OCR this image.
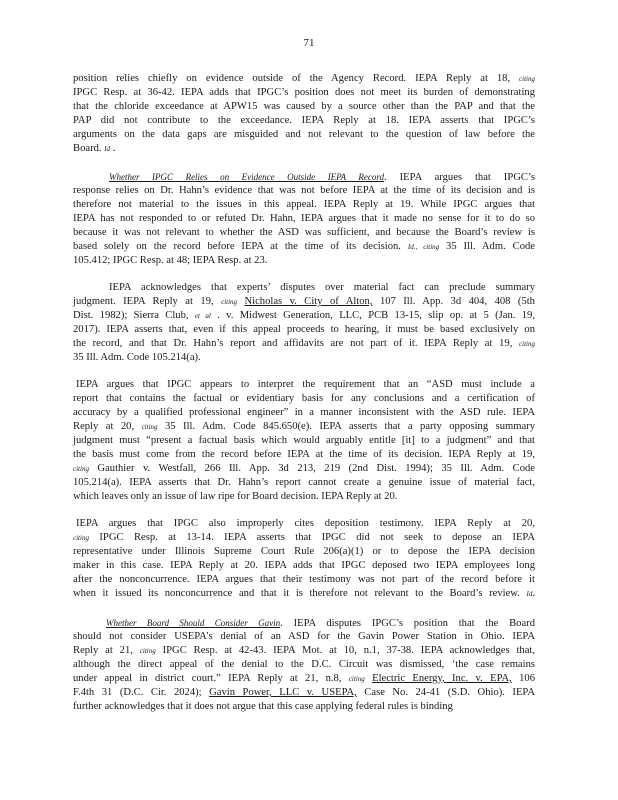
71
position relies chiefly on evidence outside of the Agency Record. IEPA Reply at 18, citing
IPGC Resp. at 36-42. IEPA adds that IPGC’s position does not meet its burden of demonstrating
that the chloride exceedance at APW15 was caused by a source other than the PAP and that the
PAP did not contribute to the exceedance. IEPA Reply at 18. IEPA asserts that IPGC’s
arguments on the data gaps are misguided and not relevant to the question of law before the
Board. Id .
Whether IPGC Relies on Evidence Outside IEPA Record. IEPA argues that IPGC’s
response relies on Dr. Hahn’s evidence that was not before IEPA at the time of its decision and is
therefore not material to the issues in this appeal. IEPA Reply at 19. While IPGC argues that
IEPA has not responded to or refuted Dr. Hahn, IEPA argues that it made no sense for it to do so
because it was not relevant to whether the ASD was sufficient, and because the Board’s review is
based solely on the record before IEPA at the time of its decision. Id., citing 35 Ill. Adm. Code
105.412; IPGC Resp. at 48; IEPA Resp. at 23.
IEPA acknowledges that experts’ disputes over material fact can preclude summary
judgment. IEPA Reply at 19, citing Nicholas v. City of Alton, 107 Ill. App. 3d 404, 408 (5th
Dist. 1982); Sierra Club, et al . v. Midwest Generation, LLC, PCB 13-15, slip op. at 5 (Jan. 19,
2017). IEPA asserts that, even if this appeal proceeds to hearing, it must be based exclusively on
the record, and that Dr. Hahn’s report and affidavits are not part of it. IEPA Reply at 19, citing
35 Ill. Adm. Code 105.214(a).
IEPA argues that IPGC appears to interpret the requirement that an “ASD must include a
report that contains the factual or evidentiary basis for any conclusions and a certification of
accuracy by a qualified professional engineer” in a manner inconsistent with the ASD rule. IEPA
Reply at 20, citing 35 Ill. Adm. Code 845.650(e). IEPA asserts that a party opposing summary
judgment must “present a factual basis which would arguably entitle [it] to a judgment” and that
the basis must come from the record before IEPA at the time of its decision. IEPA Reply at 19,
citing Gauthier v. Westfall, 266 Ill. App. 3d 213, 219 (2nd Dist. 1994); 35 Ill. Adm. Code
105.214(a). IEPA asserts that Dr. Hahn’s report cannot create a genuine issue of material fact,
which leaves only an issue of law ripe for Board decision. IEPA Reply at 20.
IEPA argues that IPGC also improperly cites deposition testimony. IEPA Reply at 20,
citing IPGC Resp. at 13-14. IEPA asserts that IPGC did not seek to depose an IEPA
representative under Illinois Supreme Court Rule 206(a)(1) or to depose the IEPA decision
maker in this case. IEPA Reply at 20. IEPA adds that IPGC deposed two IEPA employees long
after the nonconcurrence. IEPA argues that their testimony was not part of the record before it
when it issued its nonconcurrence and that it is therefore not relevant to the Board’s review. Id.
Whether Board Should Consider Gavin. IEPA disputes IPGC’s position that the Board
should not consider USEPA’s denial of an ASD for the Gavin Power Station in Ohio. IEPA
Reply at 21, citing IPGC Resp. at 42-43. IEPA Mot. at 10, n.1, 37-38. IEPA acknowledges that,
although the direct appeal of the denial to the D.C. Circuit was dismissed, ‘the case remains
under appeal in district court.” IEPA Reply at 21, n.8, citing Electric Energy, Inc. v. EPA, 106
F.4th 31 (D.C. Cir. 2024); Gavin Power, LLC v. USEPA, Case No. 24-41 (S.D. Ohio). IEPA
further acknowledges that it does not argue that this case applying federal rules is binding
